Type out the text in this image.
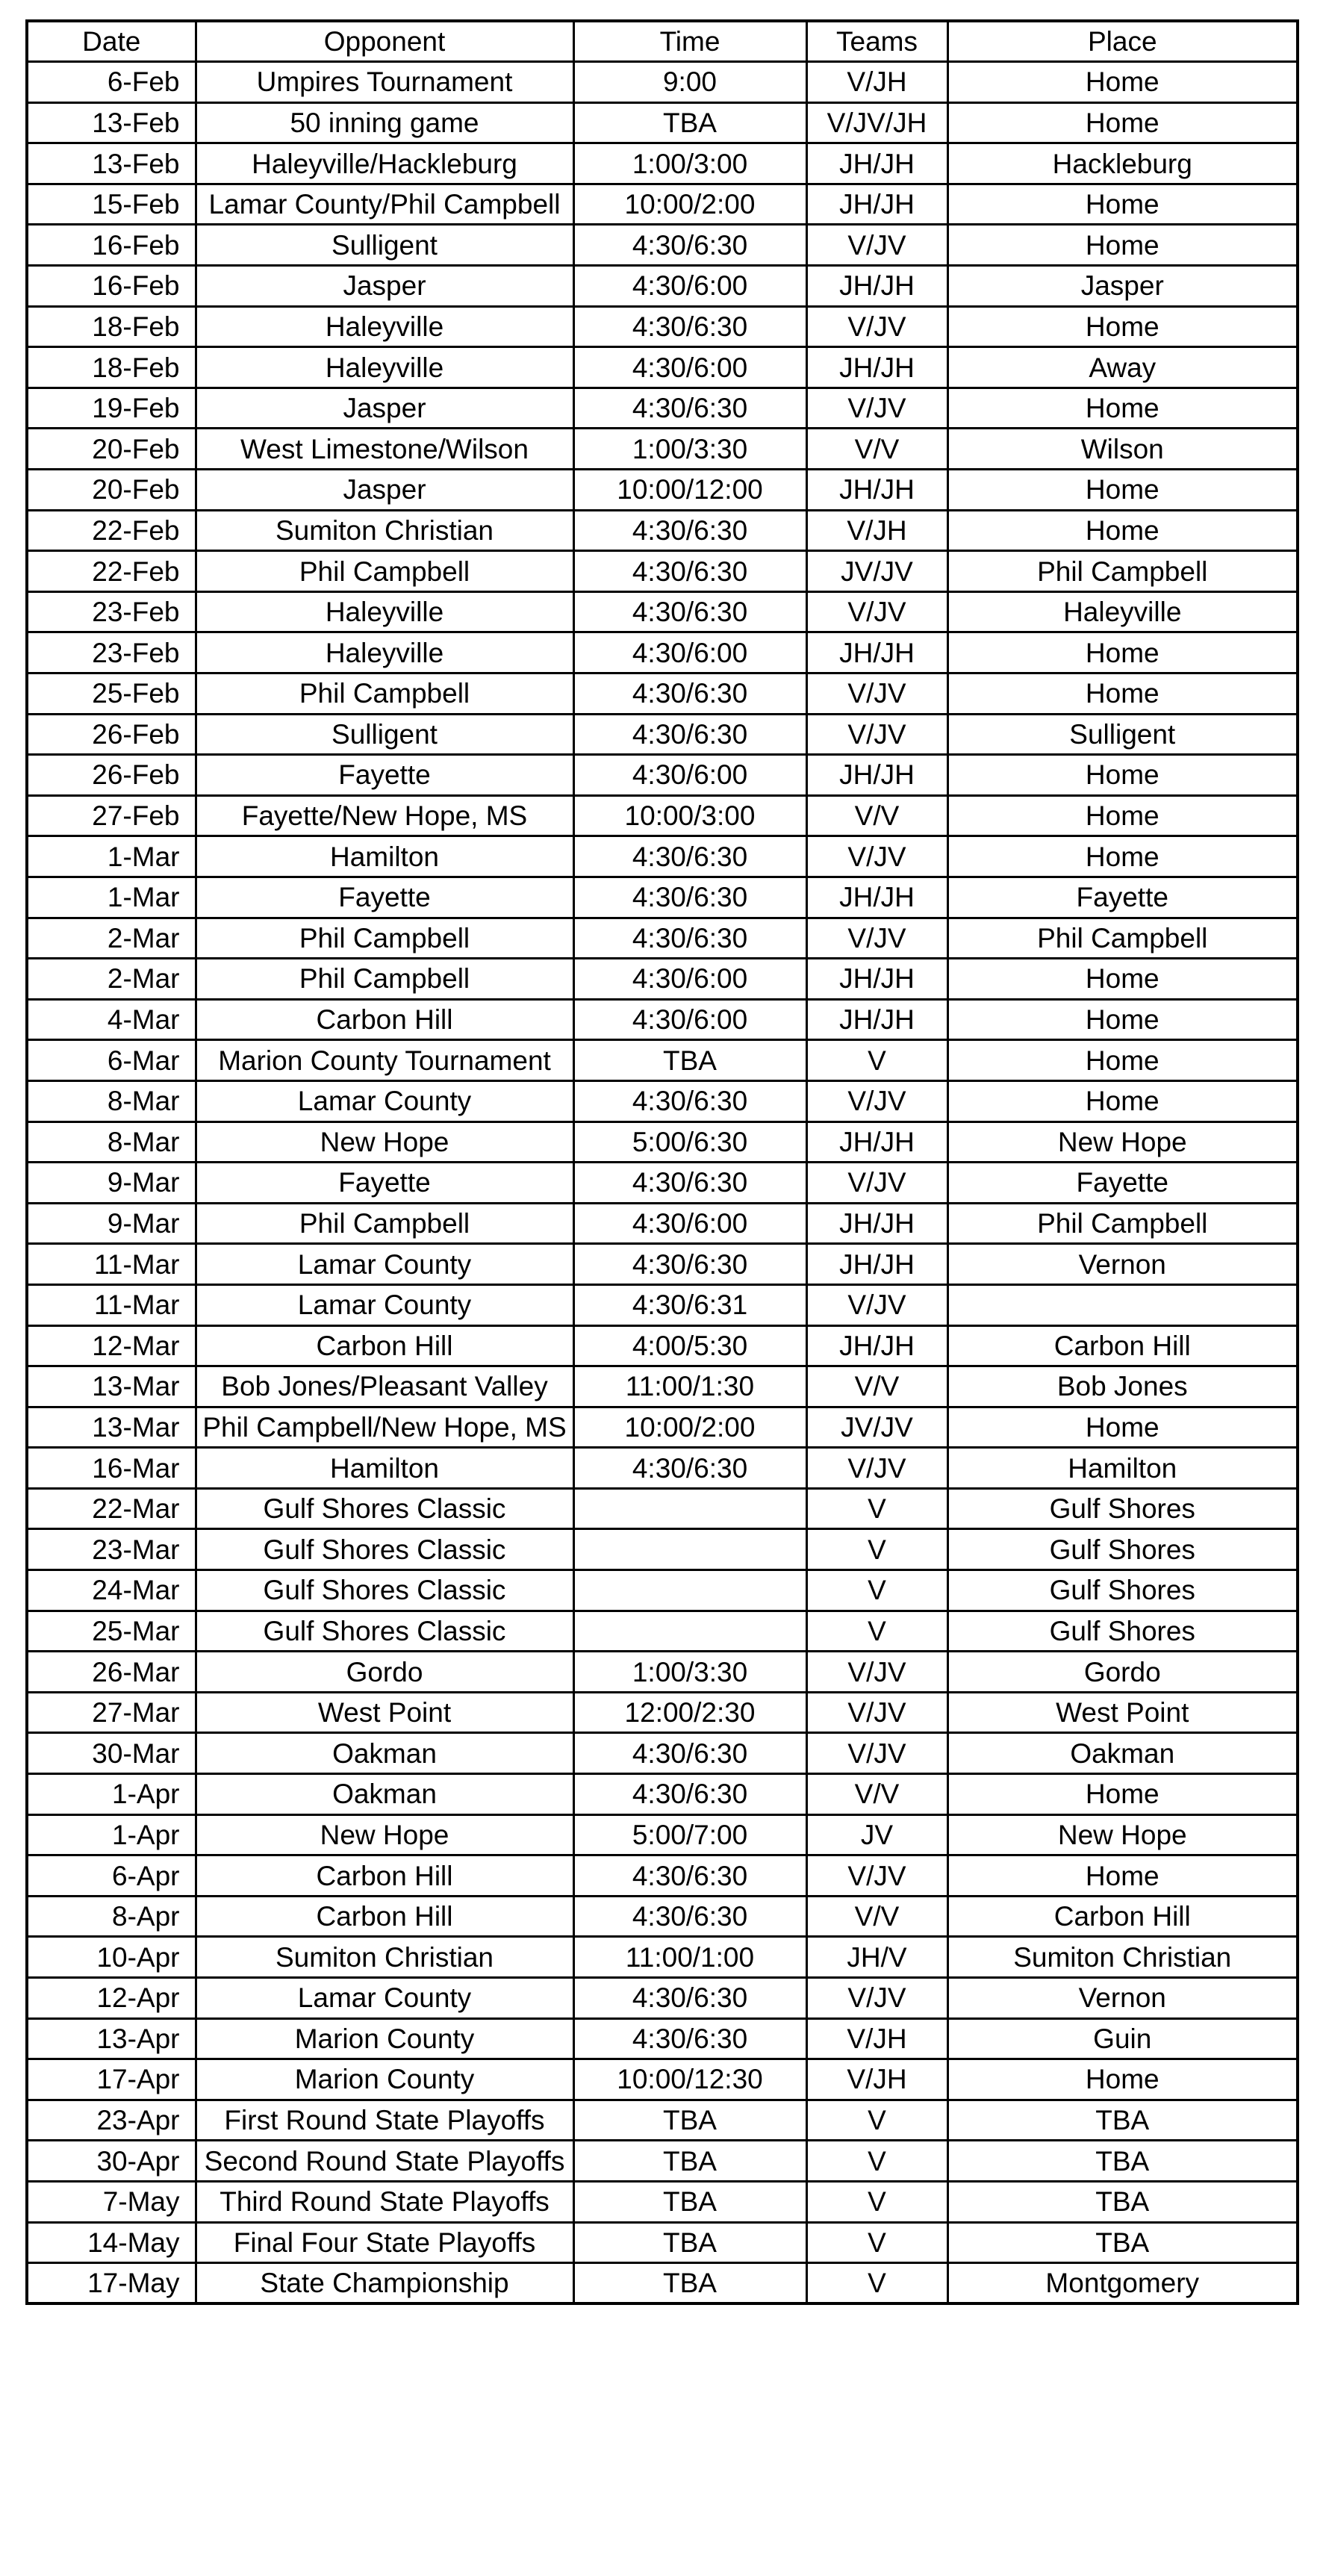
Date	Opponent	Time	Teams	Place
6-Feb	Umpires Tournament	9:00	V/JH	Home
13-Feb	50 inning game	TBA	V/JV/JH	Home
13-Feb	Haleyville/Hackleburg	1:00/3:00	JH/JH	Hackleburg
15-Feb	Lamar County/Phil Campbell	10:00/2:00	JH/JH	Home
16-Feb	Sulligent	4:30/6:30	V/JV	Home
16-Feb	Jasper	4:30/6:00	JH/JH	Jasper
18-Feb	Haleyville	4:30/6:30	V/JV	Home
18-Feb	Haleyville	4:30/6:00	JH/JH	Away
19-Feb	Jasper	4:30/6:30	V/JV	Home
20-Feb	West Limestone/Wilson	1:00/3:30	V/V	Wilson
20-Feb	Jasper	10:00/12:00	JH/JH	Home
22-Feb	Sumiton Christian	4:30/6:30	V/JH	Home
22-Feb	Phil Campbell	4:30/6:30	JV/JV	Phil Campbell
23-Feb	Haleyville	4:30/6:30	V/JV	Haleyville
23-Feb	Haleyville	4:30/6:00	JH/JH	Home
25-Feb	Phil Campbell	4:30/6:30	V/JV	Home
26-Feb	Sulligent	4:30/6:30	V/JV	Sulligent
26-Feb	Fayette	4:30/6:00	JH/JH	Home
27-Feb	Fayette/New Hope, MS	10:00/3:00	V/V	Home
1-Mar	Hamilton	4:30/6:30	V/JV	Home
1-Mar	Fayette	4:30/6:30	JH/JH	Fayette
2-Mar	Phil Campbell	4:30/6:30	V/JV	Phil Campbell
2-Mar	Phil Campbell	4:30/6:00	JH/JH	Home
4-Mar	Carbon Hill	4:30/6:00	JH/JH	Home
6-Mar	Marion County Tournament	TBA	V	Home
8-Mar	Lamar County	4:30/6:30	V/JV	Home
8-Mar	New Hope	5:00/6:30	JH/JH	New Hope
9-Mar	Fayette	4:30/6:30	V/JV	Fayette
9-Mar	Phil Campbell	4:30/6:00	JH/JH	Phil Campbell
11-Mar	Lamar County	4:30/6:30	JH/JH	Vernon
11-Mar	Lamar County	4:30/6:31	V/JV	
12-Mar	Carbon Hill	4:00/5:30	JH/JH	Carbon Hill
13-Mar	Bob Jones/Pleasant Valley	11:00/1:30	V/V	Bob Jones
13-Mar	Phil Campbell/New Hope, MS	10:00/2:00	JV/JV	Home
16-Mar	Hamilton	4:30/6:30	V/JV	Hamilton
22-Mar	Gulf Shores Classic		V	Gulf Shores
23-Mar	Gulf Shores Classic		V	Gulf Shores
24-Mar	Gulf Shores Classic		V	Gulf Shores
25-Mar	Gulf Shores Classic		V	Gulf Shores
26-Mar	Gordo	1:00/3:30	V/JV	Gordo
27-Mar	West Point	12:00/2:30	V/JV	West Point
30-Mar	Oakman	4:30/6:30	V/JV	Oakman
1-Apr	Oakman	4:30/6:30	V/V	Home
1-Apr	New Hope	5:00/7:00	JV	New Hope
6-Apr	Carbon Hill	4:30/6:30	V/JV	Home
8-Apr	Carbon Hill	4:30/6:30	V/V	Carbon Hill
10-Apr	Sumiton Christian	11:00/1:00	JH/V	Sumiton Christian
12-Apr	Lamar County	4:30/6:30	V/JV	Vernon
13-Apr	Marion County	4:30/6:30	V/JH	Guin
17-Apr	Marion County	10:00/12:30	V/JH	Home
23-Apr	First Round State Playoffs	TBA	V	TBA
30-Apr	Second Round State Playoffs	TBA	V	TBA
7-May	Third Round State Playoffs	TBA	V	TBA
14-May	Final Four State Playoffs	TBA	V	TBA
17-May	State Championship	TBA	V	Montgomery
